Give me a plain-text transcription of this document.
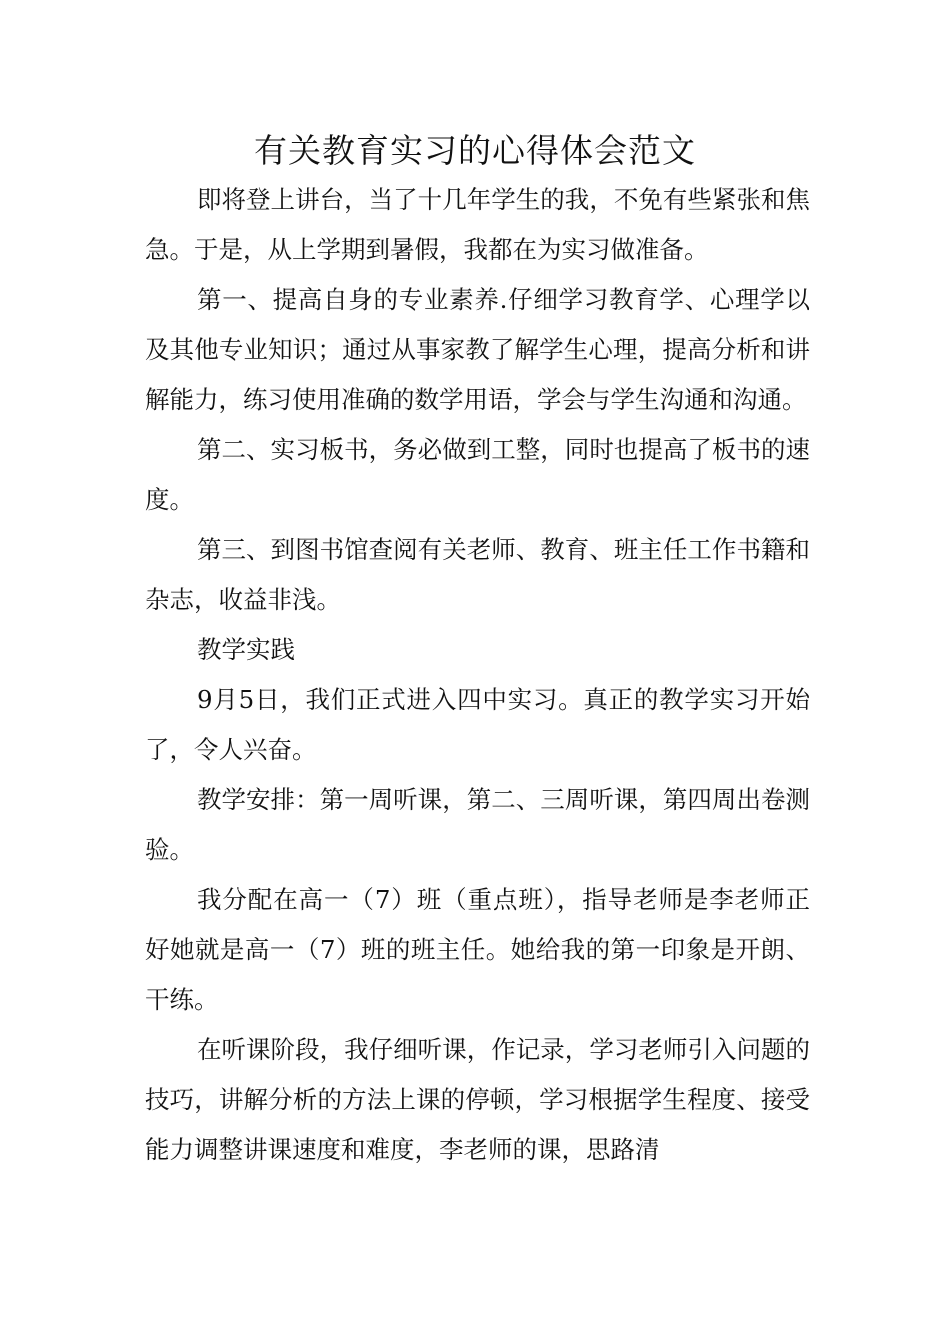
有关教育实习的心得体会范文

即将登上讲台，当了十几年学生的我，不免有些紧张和焦急。于是，从上学期到暑假，我都在为实习做准备。

第一、提高自身的专业素养.仔细学习教育学、心理学以及其他专业知识；通过从事家教了解学生心理，提高分析和讲解能力，练习使用准确的数学用语，学会与学生沟通和沟通。

第二、实习板书，务必做到工整，同时也提高了板书的速度。

第三、到图书馆查阅有关老师、教育、班主任工作书籍和杂志，收益非浅。

教学实践

9月5日，我们正式进入四中实习。真正的教学实习开始了，令人兴奋。

教学安排：第一周听课，第二、三周听课，第四周出卷测验。

我分配在高一（7）班（重点班），指导老师是李老师正好她就是高一（7）班的班主任。她给我的第一印象是开朗、干练。

在听课阶段，我仔细听课，作记录，学习老师引入问题的技巧，讲解分析的方法上课的停顿，学习根据学生程度、接受能力调整讲课速度和难度，李老师的课，思路清
